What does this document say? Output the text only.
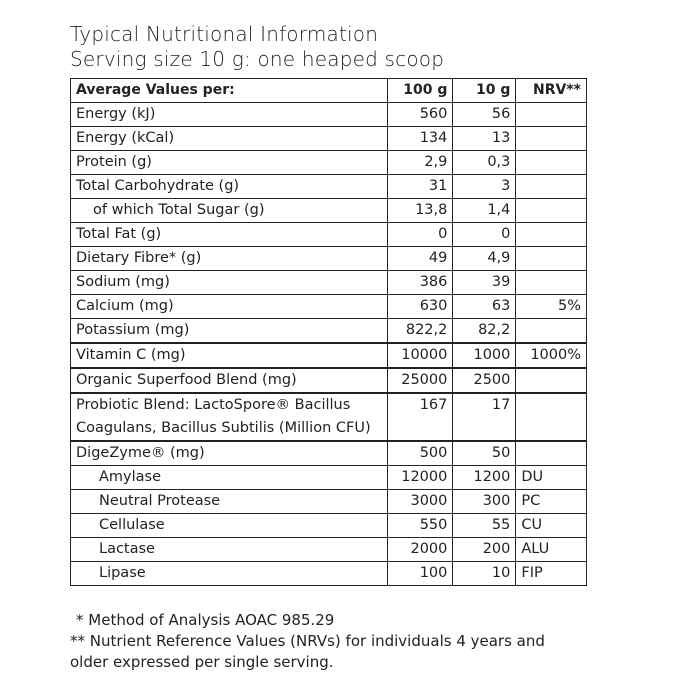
Typical Nutritional Information
Serving size 10 g: one heaped scoop
Average Values per:	100 g	10 g	NRV**
Energy (kJ)	560	56	
Energy (kCal)	134	13	
Protein (g)	2,9	0,3	
Total Carbohydrate (g)	31	3	
of which Total Sugar (g)	13,8	1,4	
Total Fat (g)	0	0	
Dietary Fibre* (g)	49	4,9	
Sodium (mg)	386	39	
Calcium (mg)	630	63	5%
Potassium (mg)	822,2	82,2	
Vitamin C (mg)	10000	1000	1000%
Organic Superfood Blend (mg)	25000	2500	
Probiotic Blend: LactoSpore® Bacillus Coagulans, Bacillus Subtilis (Million CFU)	167	17	
DigeZyme® (mg)	500	50	
Amylase	12000	1200	DU
Neutral Protease	3000	300	PC
Cellulase	550	55	CU
Lactase	2000	200	ALU
Lipase	100	10	FIP
* Method of Analysis AOAC 985.29
** Nutrient Reference Values (NRVs) for individuals 4 years and
older expressed per single serving.
